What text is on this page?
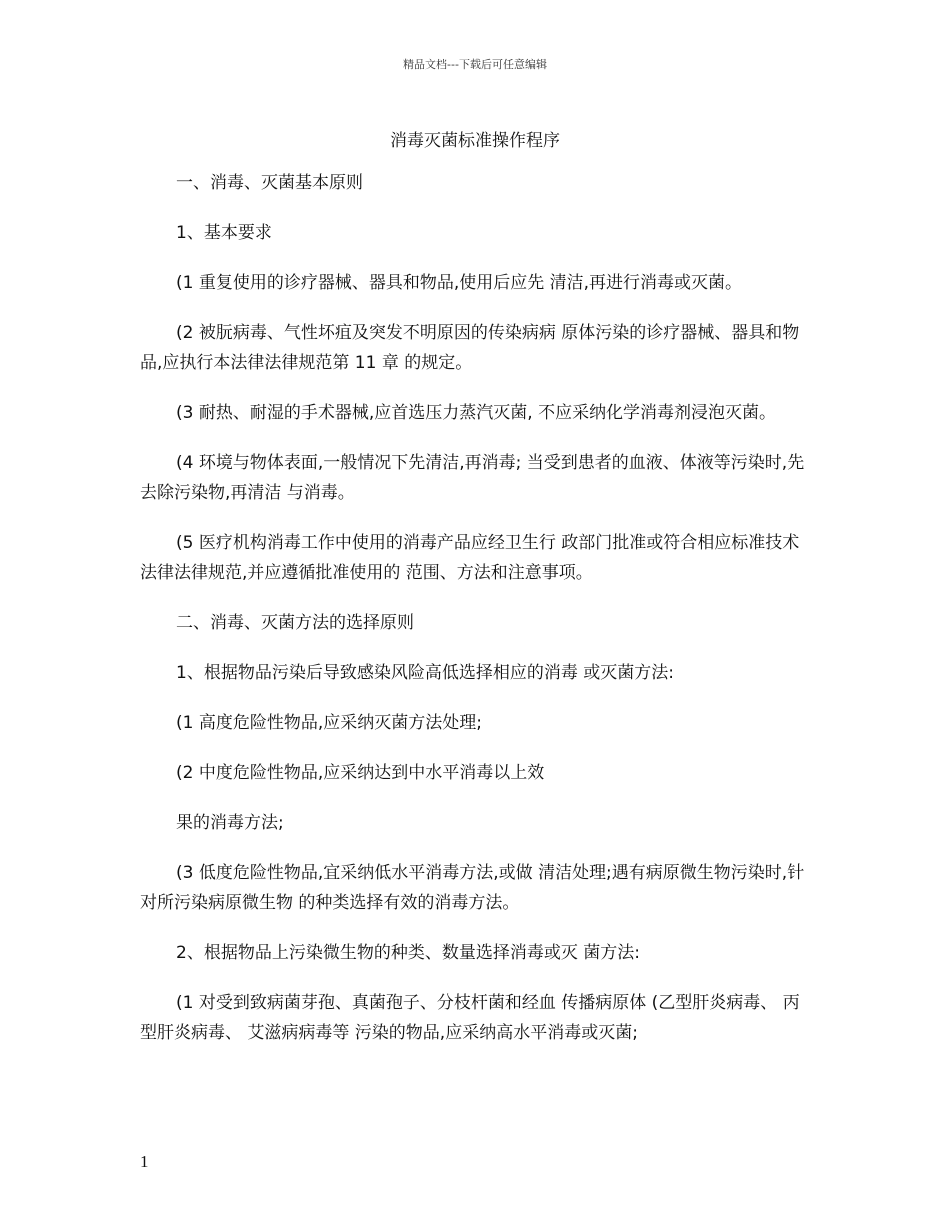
精品文档---下载后可任意编辑
消毒灭菌标准操作程序

一、消毒、灭菌基本原则

1、基本要求

(1 重复使用的诊疗器械、器具和物品,使用后应先 清洁,再进行消毒或灭菌。

(2 被朊病毒、气性坏疽及突发不明原因的传染病病 原体污染的诊疗器械、器具和物品,应执行本法律法律规范第 11 章 的规定。

(3 耐热、耐湿的手术器械,应首选压力蒸汽灭菌, 不应采纳化学消毒剂浸泡灭菌。

(4 环境与物体表面,一般情况下先清洁,再消毒; 当受到患者的血液、体液等污染时,先去除污染物,再清洁 与消毒。

(5 医疗机构消毒工作中使用的消毒产品应经卫生行 政部门批准或符合相应标准技术法律法律规范,并应遵循批准使用的 范围、方法和注意事项。

二、消毒、灭菌方法的选择原则

1、根据物品污染后导致感染风险高低选择相应的消毒 或灭菌方法:

(1 高度危险性物品,应采纳灭菌方法处理;

(2 中度危险性物品,应采纳达到中水平消毒以上效

果的消毒方法;

(3 低度危险性物品,宜采纳低水平消毒方法,或做 清洁处理;遇有病原微生物污染时,针对所污染病原微生物 的种类选择有效的消毒方法。

2、根据物品上污染微生物的种类、数量选择消毒或灭 菌方法:

(1 对受到致病菌芽孢、真菌孢子、分枝杆菌和经血 传播病原体 (乙型肝炎病毒、 丙型肝炎病毒、 艾滋病病毒等 污染的物品,应采纳高水平消毒或灭菌;

1
